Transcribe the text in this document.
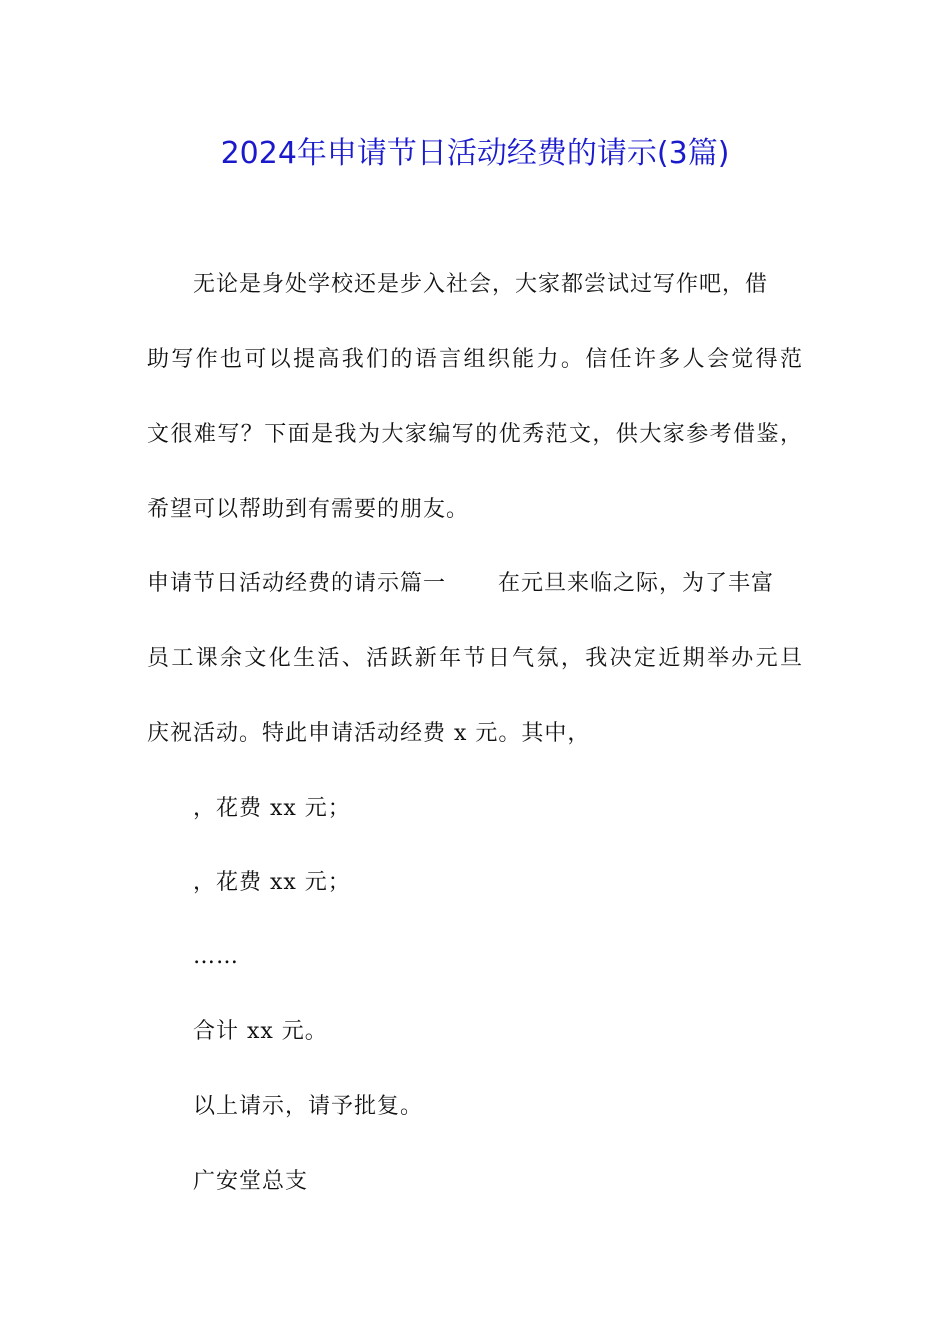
2024年申请节日活动经费的请示(3篇)
无论是身处学校还是步入社会，大家都尝试过写作吧，借
助写作也可以提高我们的语言组织能力。信任许多人会觉得范
文很难写？下面是我为大家编写的优秀范文，供大家参考借鉴，
希望可以帮助到有需要的朋友。
申请节日活动经费的请示篇一 在元旦来临之际，为了丰富
员工课余文化生活、活跃新年节日气氛，我决定近期举办元旦
庆祝活动。特此申请活动经费 x 元。其中，
，花费 xx 元；
，花费 xx 元；
……
合计 xx 元。
以上请示，请予批复。
广安堂总支
